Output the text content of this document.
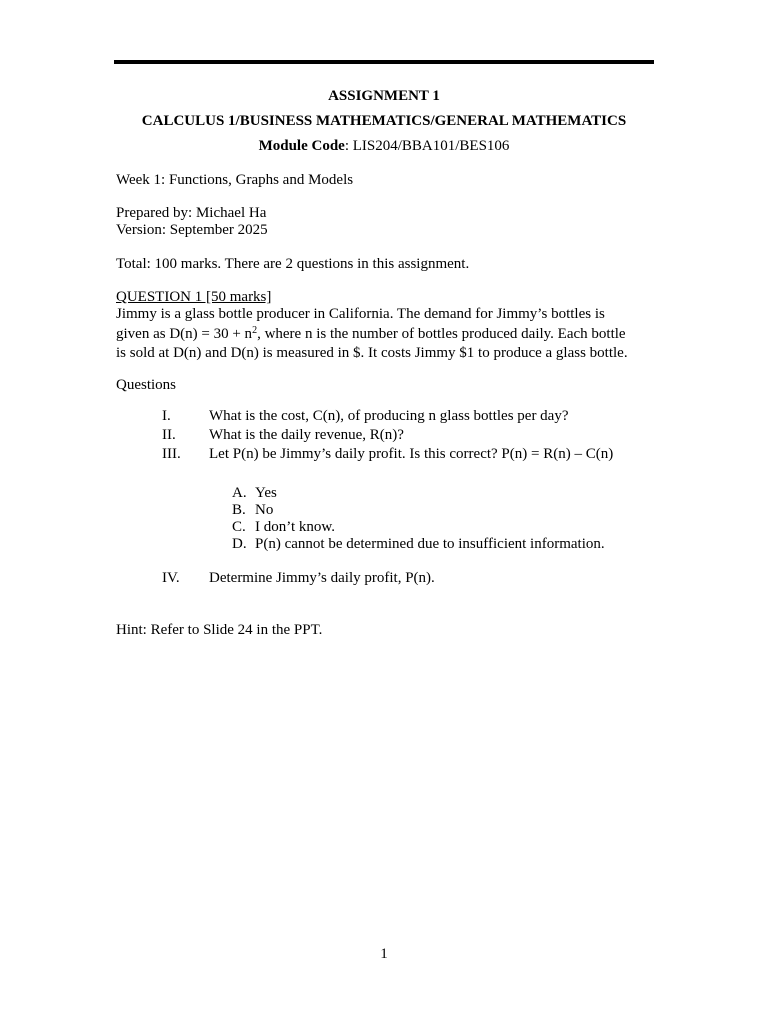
ASSIGNMENT 1
CALCULUS 1/BUSINESS MATHEMATICS/GENERAL MATHEMATICS
Module Code: LIS204/BBA101/BES106
Week 1: Functions, Graphs and Models
Prepared by: Michael Ha
Version: September 2025
Total: 100 marks. There are 2 questions in this assignment.
QUESTION 1 [50 marks]
Jimmy is a glass bottle producer in California. The demand for Jimmy’s bottles is
given as $D(n) = 30 + n^2$, where n is the number of bottles produced daily. Each bottle
is sold at D(n) and D(n) is measured in $. It costs Jimmy $1 to produce a glass bottle.
Questions
I.	What is the cost, C(n), of producing n glass bottles per day?
II. What is the daily revenue, R(n)?
III. Let P(n) be Jimmy’s daily profit. Is this correct? P(n) = R(n) – C(n)
A. Yes
B. No
C. I don’t know.
D. P(n) cannot be determined due to insufficient information.
IV. Determine Jimmy’s daily profit, P(n).
Hint: Refer to Slide 24 in the PPT.
1
